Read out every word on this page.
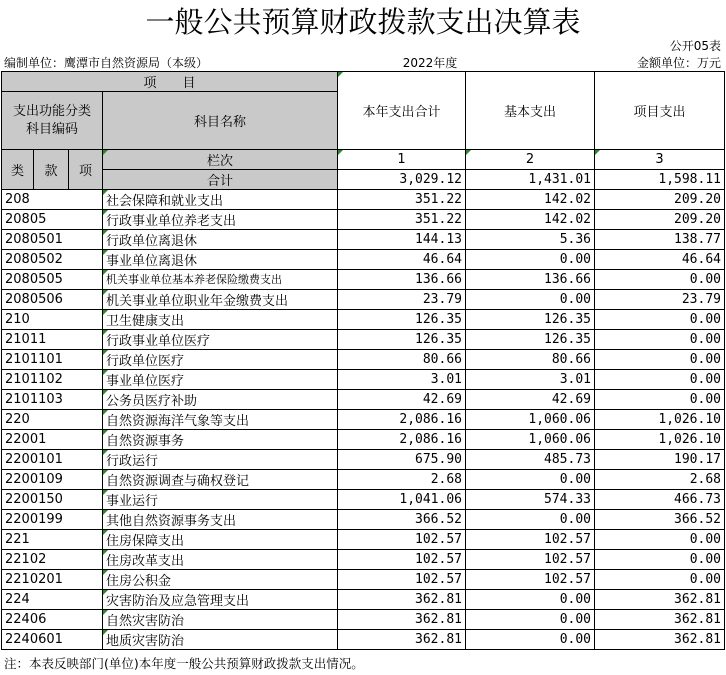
一般公共预算财政拨款支出决算表
公开05表
编制单位：鹰潭市自然资源局（本级）	2022年度	金额单位：万元
项　　目				本年支出合计	基本支出	项目支出
支出功能分类
科目编码			科目名称			

类	款	项	栏次	1	2	3
			合计	3,029.12	1,431.01	1,598.11
208			社会保障和就业支出	351.22	142.02	209.20
20805			行政事业单位养老支出	351.22	142.02	209.20
2080501			行政单位离退休	144.13	5.36	138.77
2080502			事业单位离退休	46.64	0.00	46.64
2080505			机关事业单位基本养老保险缴费支出	136.66	136.66	0.00
2080506			机关事业单位职业年金缴费支出	23.79	0.00	23.79
210			卫生健康支出	126.35	126.35	0.00
21011			行政事业单位医疗	126.35	126.35	0.00
2101101			行政单位医疗	80.66	80.66	0.00
2101102			事业单位医疗	3.01	3.01	0.00
2101103			公务员医疗补助	42.69	42.69	0.00
220			自然资源海洋气象等支出	2,086.16	1,060.06	1,026.10
22001			自然资源事务	2,086.16	1,060.06	1,026.10
2200101			行政运行	675.90	485.73	190.17
2200109			自然资源调查与确权登记	2.68	0.00	2.68
2200150			事业运行	1,041.06	574.33	466.73
2200199			其他自然资源事务支出	366.52	0.00	366.52
221			住房保障支出	102.57	102.57	0.00
22102			住房改革支出	102.57	102.57	0.00
2210201			住房公积金	102.57	102.57	0.00
224			灾害防治及应急管理支出	362.81	0.00	362.81
22406			自然灾害防治	362.81	0.00	362.81
2240601			地质灾害防治	362.81	0.00	362.81
注：本表反映部门(单位)本年度一般公共预算财政拨款支出情况。
